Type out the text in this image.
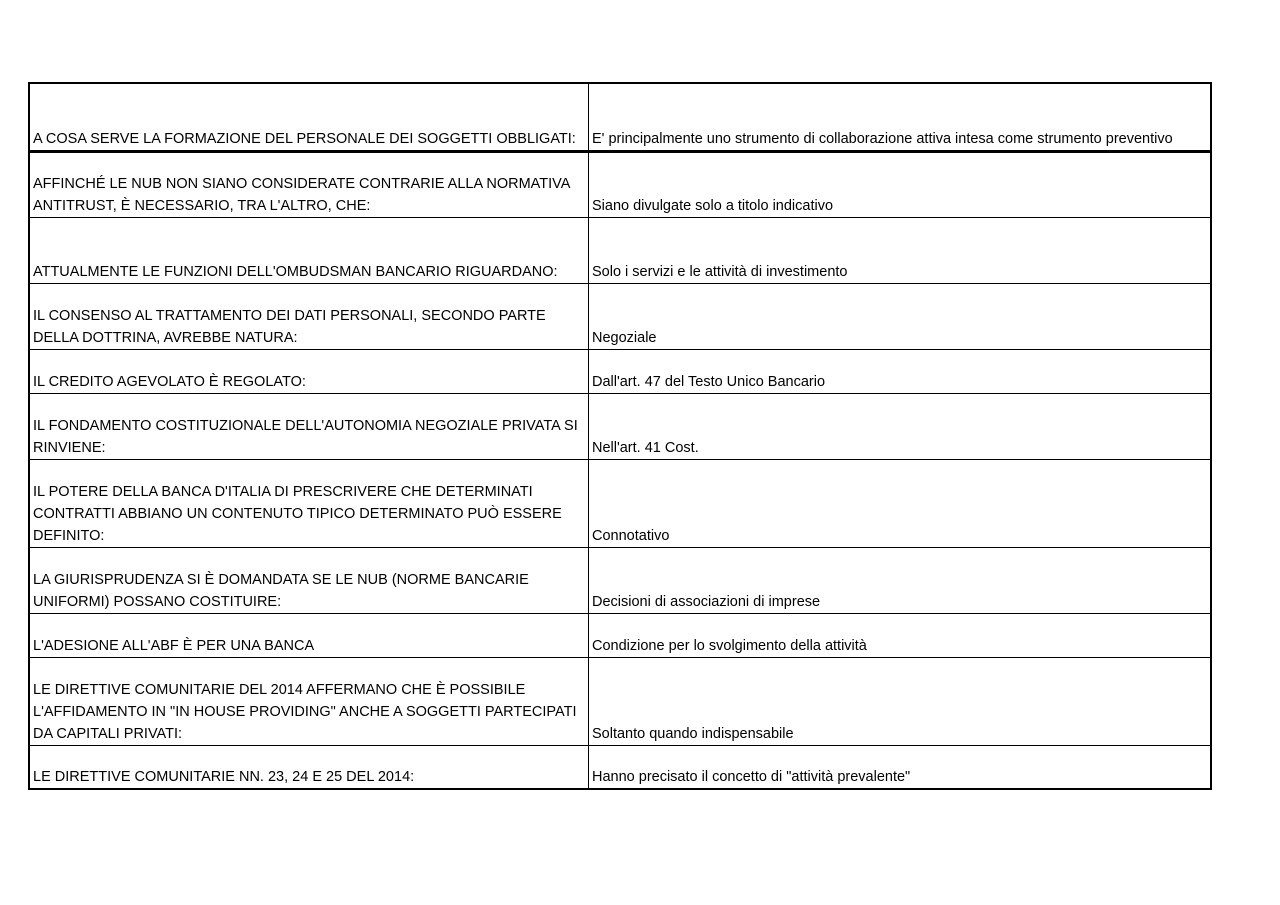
A COSA SERVE LA FORMAZIONE DEL PERSONALE DEI SOGGETTI OBBLIGATI:	E' principalmente uno strumento di collaborazione attiva intesa come strumento preventivo

AFFINCHÉ LE NUB NON SIANO CONSIDERATE CONTRARIE ALLA NORMATIVA ANTITRUST, È NECESSARIO, TRA L'ALTRO, CHE:	Siano divulgate solo a titolo indicativo

ATTUALMENTE LE FUNZIONI DELL'OMBUDSMAN BANCARIO RIGUARDANO:	Solo i servizi e le attività di investimento

IL CONSENSO AL TRATTAMENTO DEI DATI PERSONALI, SECONDO PARTE DELLA DOTTRINA, AVREBBE NATURA:	Negoziale

IL CREDITO AGEVOLATO È REGOLATO:	Dall'art. 47 del Testo Unico Bancario

IL FONDAMENTO COSTITUZIONALE DELL'AUTONOMIA NEGOZIALE PRIVATA SI RINVIENE:	Nell'art. 41 Cost.

IL POTERE DELLA BANCA D'ITALIA DI PRESCRIVERE CHE DETERMINATI CONTRATTI ABBIANO UN CONTENUTO TIPICO DETERMINATO PUÒ ESSERE DEFINITO:	Connotativo

LA GIURISPRUDENZA SI È DOMANDATA SE LE NUB (NORME BANCARIE UNIFORMI) POSSANO COSTITUIRE:	Decisioni di associazioni di imprese

L'ADESIONE ALL'ABF È PER UNA BANCA	Condizione per lo svolgimento della attività

LE DIRETTIVE COMUNITARIE DEL 2014 AFFERMANO CHE È POSSIBILE L'AFFIDAMENTO IN "IN HOUSE PROVIDING" ANCHE A SOGGETTI PARTECIPATI DA CAPITALI PRIVATI:	Soltanto quando indispensabile

LE DIRETTIVE COMUNITARIE NN. 23, 24 E 25 DEL 2014:	Hanno precisato il concetto di "attività prevalente"
